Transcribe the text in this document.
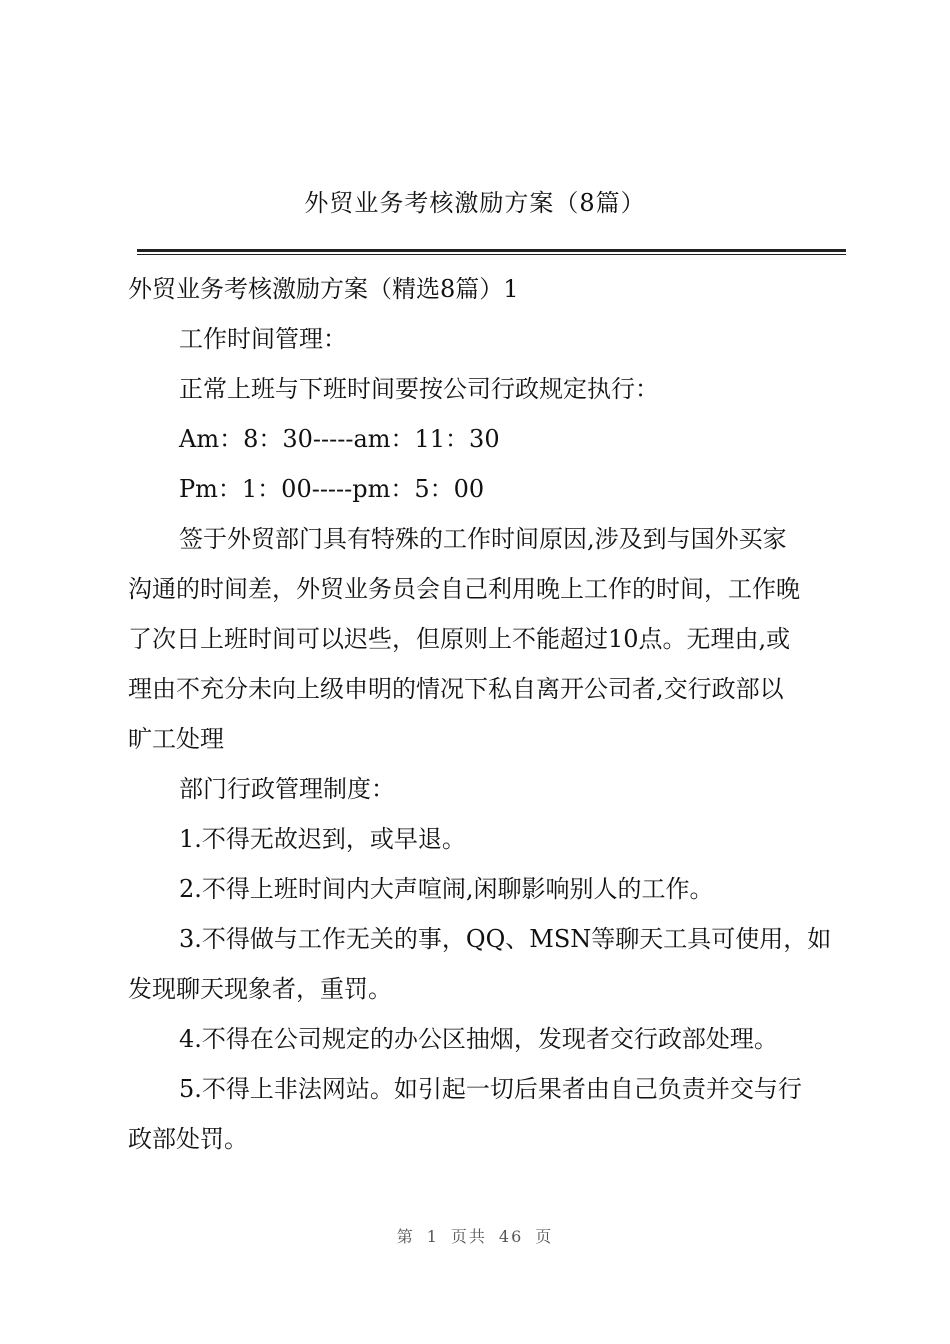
外贸业务考核激励方案（8篇）

外贸业务考核激励方案（精选8篇）1

工作时间管理：

正常上班与下班时间要按公司行政规定执行：

Am：8：30-----am：11：30

Pm：1：00-----pm：5：00

签于外贸部门具有特殊的工作时间原因,涉及到与国外买家

沟通的时间差，外贸业务员会自己利用晚上工作的时间，工作晚

了次日上班时间可以迟些，但原则上不能超过10点。无理由,或

理由不充分未向上级申明的情况下私自离开公司者,交行政部以

旷工处理

部门行政管理制度：

1.不得无故迟到，或早退。

2.不得上班时间内大声喧闹,闲聊影响别人的工作。

3.不得做与工作无关的事，QQ、MSN等聊天工具可使用，如

发现聊天现象者，重罚。

4.不得在公司规定的办公区抽烟，发现者交行政部处理。

5.不得上非法网站。如引起一切后果者由自己负责并交与行

政部处罚。

第 1 页共 46 页
